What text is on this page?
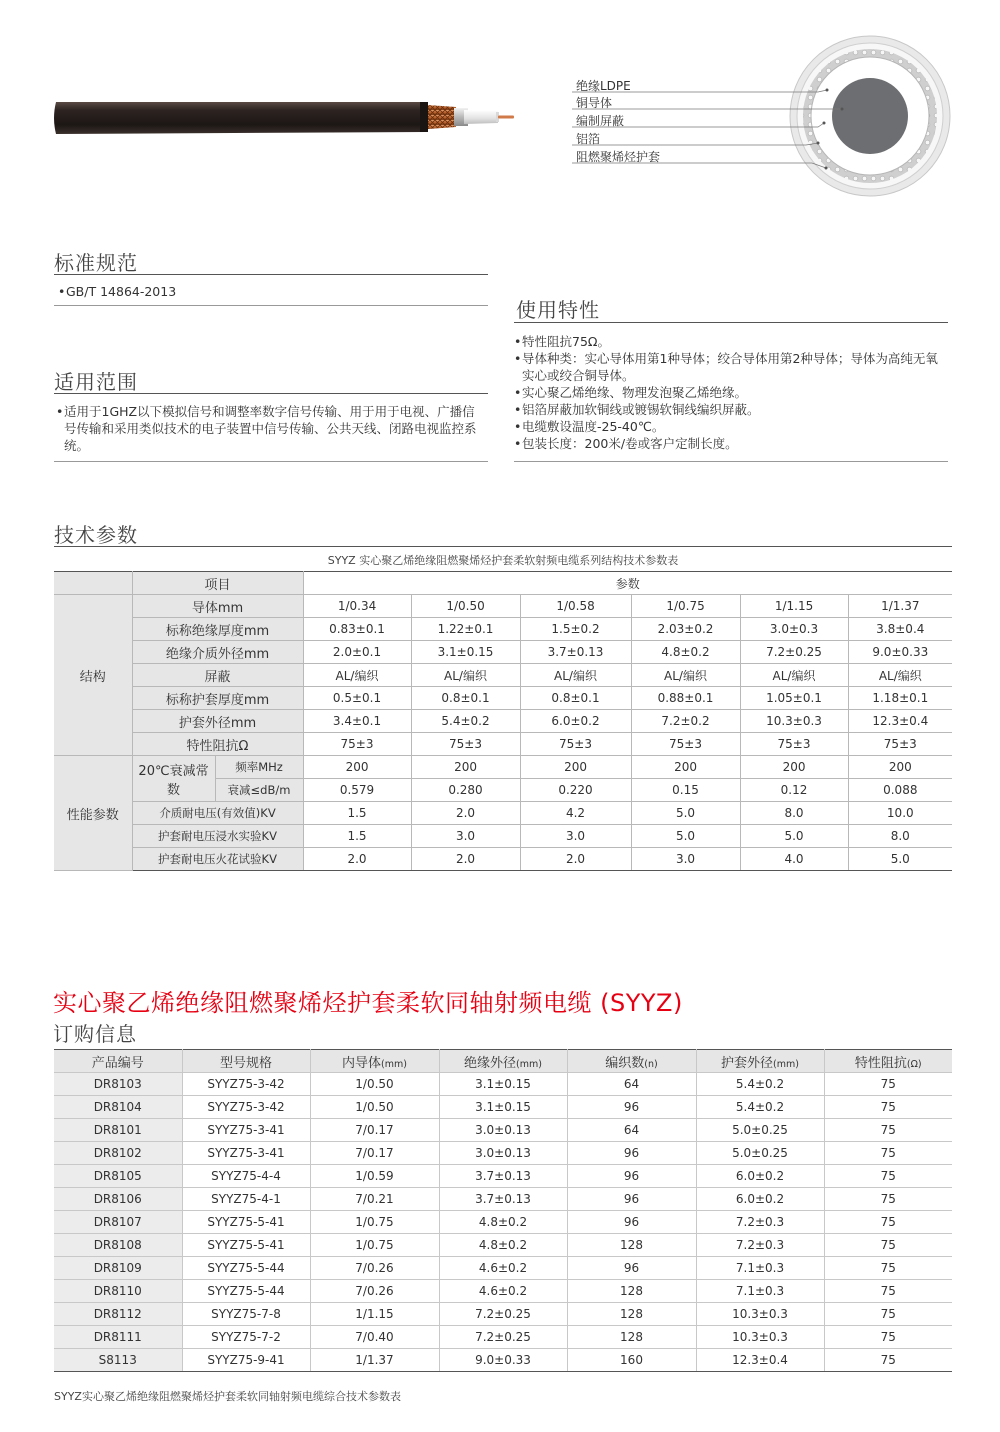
绝缘LDPE
铜导体
编制屏蔽
铝箔
阻燃聚烯烃护套
标准规范
• GB/T 14864-2013
适用范围
• 适用于1GHZ以下模拟信号和调整率数字信号传输、用于用于电视、广播信号传输和采用类似技术的电子装置中信号传输、公共天线、闭路电视监控系统。
使用特性
• 特性阻抗75Ω。
• 导体种类：实心导体用第1种导体；绞合导体用第2种导体；导体为高纯无氧实心或绞合铜导体。
• 实心聚乙烯绝缘、物理发泡聚乙烯绝缘。
• 铝箔屏蔽加软铜线或镀锡软铜线编织屏蔽。
• 电缆敷设温度-25-40℃。
• 包装长度：200米/卷或客户定制长度。
技术参数
SYYZ 实心聚乙烯绝缘阻燃聚烯烃护套柔软射频电缆系列结构技术参数表
	项目		参数					
结构	导体mm		1/0.34	1/0.50	1/0.58	1/0.75	1/1.15	1/1.37
	标称绝缘厚度mm		0.83±0.1	1.22±0.1	1.5±0.2	2.03±0.2	3.0±0.3	3.8±0.4
	绝缘介质外径mm		2.0±0.1	3.1±0.15	3.7±0.13	4.8±0.2	7.2±0.25	9.0±0.33
	屏蔽		AL/编织	AL/编织	AL/编织	AL/编织	AL/编织	AL/编织
	标称护套厚度mm		0.5±0.1	0.8±0.1	0.8±0.1	0.88±0.1	1.05±0.1	1.18±0.1
	护套外径mm		3.4±0.1	5.4±0.2	6.0±0.2	7.2±0.2	10.3±0.3	12.3±0.4
	特性阻抗Ω		75±3	75±3	75±3	75±3	75±3	75±3
性能参数	20℃衰减常数	频率MHz	200	200	200	200	200	200
		衰减≤dB/m	0.579	0.280	0.220	0.15	0.12	0.088
	介质耐电压(有效值)KV		1.5	2.0	4.2	5.0	8.0	10.0
	护套耐电压浸水实验KV		1.5	3.0	3.0	5.0	5.0	8.0
	护套耐电压火花试验KV		2.0	2.0	2.0	3.0	4.0	5.0
实心聚乙烯绝缘阻燃聚烯烃护套柔软同轴射频电缆 (SYYZ)
订购信息
产品编号	型号规格	内导体(mm)	绝缘外径(mm)	编织数(n)	护套外径(mm)	特性阻抗(Ω)
DR8103	SYYZ75-3-42	1/0.50	3.1±0.15	64	5.4±0.2	75
DR8104	SYYZ75-3-42	1/0.50	3.1±0.15	96	5.4±0.2	75
DR8101	SYYZ75-3-41	7/0.17	3.0±0.13	64	5.0±0.25	75
DR8102	SYYZ75-3-41	7/0.17	3.0±0.13	96	5.0±0.25	75
DR8105	SYYZ75-4-4	1/0.59	3.7±0.13	96	6.0±0.2	75
DR8106	SYYZ75-4-1	7/0.21	3.7±0.13	96	6.0±0.2	75
DR8107	SYYZ75-5-41	1/0.75	4.8±0.2	96	7.2±0.3	75
DR8108	SYYZ75-5-41	1/0.75	4.8±0.2	128	7.2±0.3	75
DR8109	SYYZ75-5-44	7/0.26	4.6±0.2	96	7.1±0.3	75
DR8110	SYYZ75-5-44	7/0.26	4.6±0.2	128	7.1±0.3	75
DR8112	SYYZ75-7-8	1/1.15	7.2±0.25	128	10.3±0.3	75
DR8111	SYYZ75-7-2	7/0.40	7.2±0.25	128	10.3±0.3	75
S8113	SYYZ75-9-41	1/1.37	9.0±0.33	160	12.3±0.4	75
SYYZ实心聚乙烯绝缘阻燃聚烯烃护套柔软同轴射频电缆综合技术参数表
